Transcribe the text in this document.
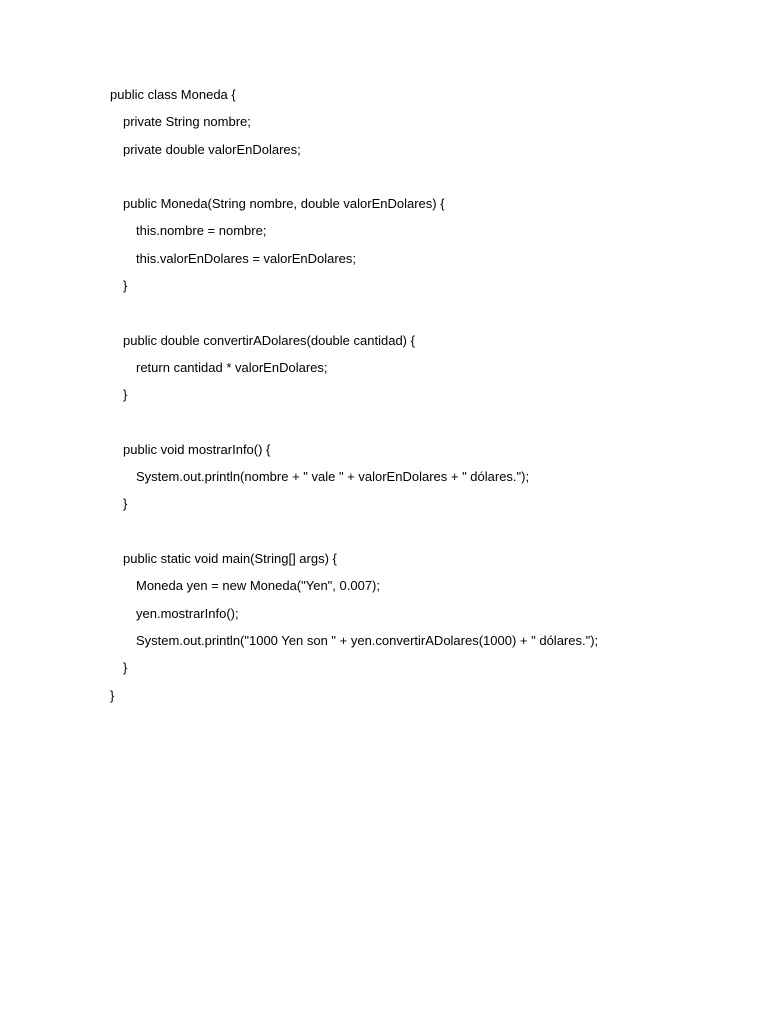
public class Moneda {
private String nombre;
private double valorEnDolares;
public Moneda(String nombre, double valorEnDolares) {
this.nombre = nombre;
this.valorEnDolares = valorEnDolares;
}
public double convertirADolares(double cantidad) {
return cantidad * valorEnDolares;
}
public void mostrarInfo() {
System.out.println(nombre + " vale " + valorEnDolares + " dólares.");
}
public static void main(String[] args) {
Moneda yen = new Moneda("Yen", 0.007);
yen.mostrarInfo();
System.out.println("1000 Yen son " + yen.convertirADolares(1000) + " dólares.");
}
}
